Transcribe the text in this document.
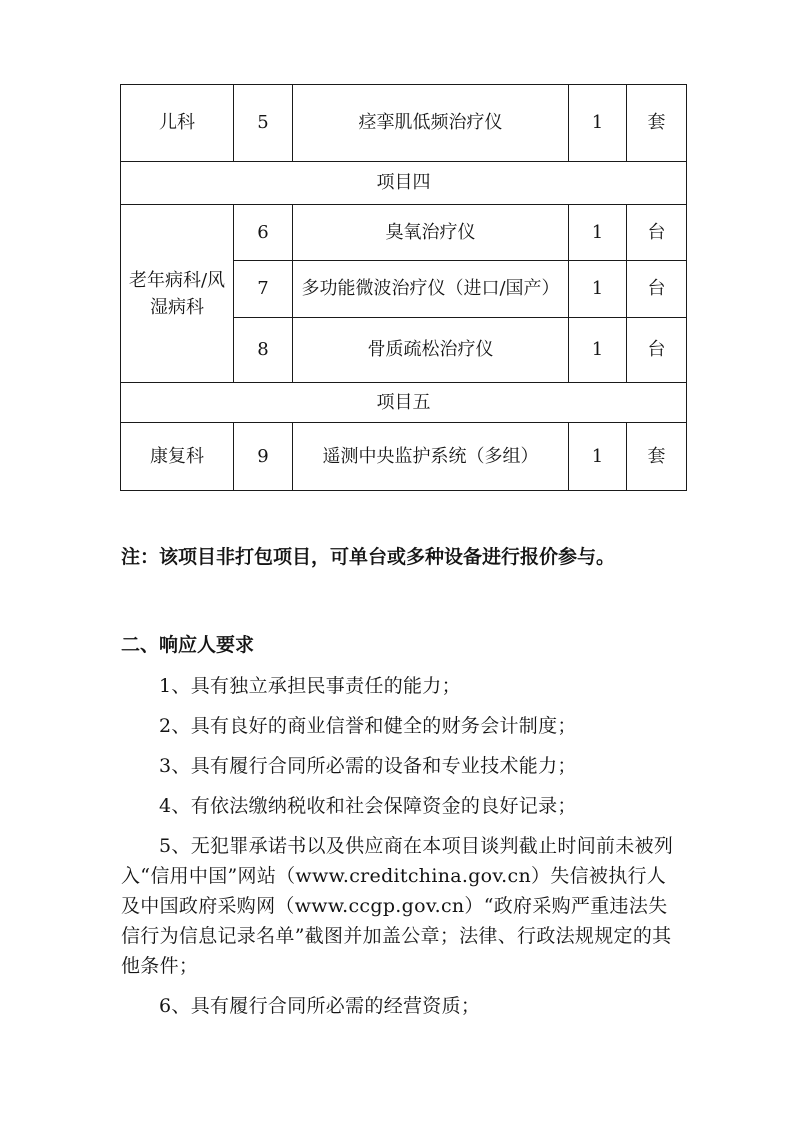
儿科	5	痉挛肌低频治疗仪	1	套
项目四				
老年病科/风湿病科	6	臭氧治疗仪	1	台
	7	多功能微波治疗仪（进口/国产）	1	台
	8	骨质疏松治疗仪	1	台
项目五				
康复科	9	遥测中央监护系统（多组）	1	套
注：该项目非打包项目，可单台或多种设备进行报价参与。
二、响应人要求
1、具有独立承担民事责任的能力；
2、具有良好的商业信誉和健全的财务会计制度；
3、具有履行合同所必需的设备和专业技术能力；
4、有依法缴纳税收和社会保障资金的良好记录；
5、无犯罪承诺书以及供应商在本项目谈判截止时间前未被列入“信用中国”网站（www.creditchina.gov.cn）失信被执行人及中国政府采购网（www.ccgp.gov.cn）“政府采购严重违法失信行为信息记录名单”截图并加盖公章；法律、行政法规规定的其他条件；
6、具有履行合同所必需的经营资质；
